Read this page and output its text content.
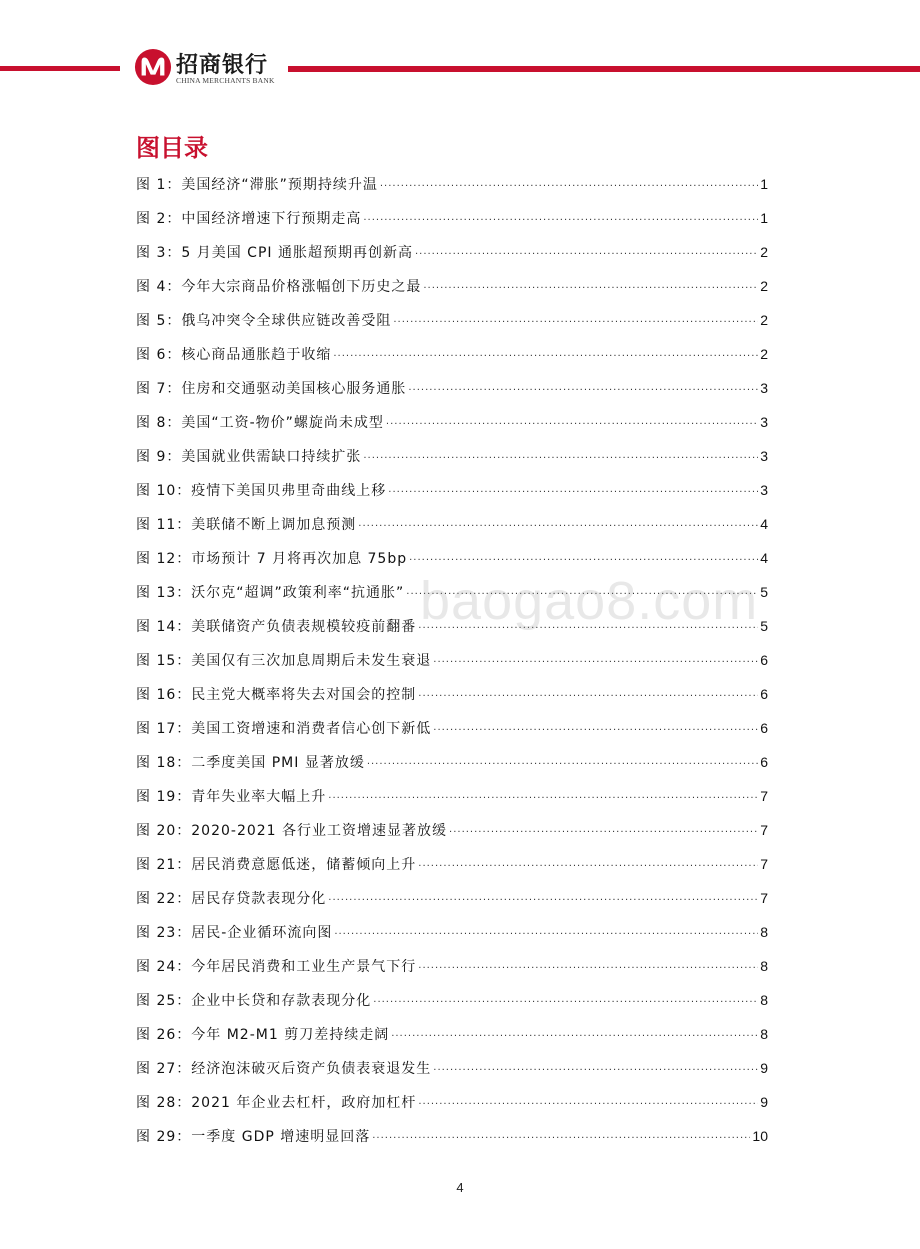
招商银行
CHINA MERCHANTS BANK
图目录
图 1：美国经济“滞胀”预期持续升温 ·····	1
图 2：中国经济增速下行预期走高 ·····	1
图 3：5 月美国 CPI 通胀超预期再创新高 ·····	2
图 4：今年大宗商品价格涨幅创下历史之最 ·····	2
图 5：俄乌冲突令全球供应链改善受阻 ·····	2
图 6：核心商品通胀趋于收缩 ·····	2
图 7：住房和交通驱动美国核心服务通胀 ·····	3
图 8：美国“工资-物价”螺旋尚未成型 ·····	3
图 9：美国就业供需缺口持续扩张 ·····	3
图 10：疫情下美国贝弗里奇曲线上移 ·····	3
图 11：美联储不断上调加息预测 ·····	4
图 12：市场预计 7 月将再次加息 75bp ·····	4
图 13：沃尔克“超调”政策利率“抗通胀” ·····	5
图 14：美联储资产负债表规模较疫前翻番 ·····	5
图 15：美国仅有三次加息周期后未发生衰退 ·····	6
图 16：民主党大概率将失去对国会的控制 ·····	6
图 17：美国工资增速和消费者信心创下新低 ·····	6
图 18：二季度美国 PMI 显著放缓 ·····	6
图 19：青年失业率大幅上升 ·····	7
图 20：2020-2021 各行业工资增速显著放缓 ·····	7
图 21：居民消费意愿低迷，储蓄倾向上升 ·····	7
图 22：居民存贷款表现分化 ·····	7
图 23：居民-企业循环流向图 ·····	8
图 24：今年居民消费和工业生产景气下行 ·····	8
图 25：企业中长贷和存款表现分化 ·····	8
图 26：今年 M2-M1 剪刀差持续走阔 ·····	8
图 27：经济泡沫破灭后资产负债表衰退发生 ·····	9
图 28：2021 年企业去杠杆，政府加杠杆 ·····	9
图 29：一季度 GDP 增速明显回落 ·····	10
baogao8.com
4
